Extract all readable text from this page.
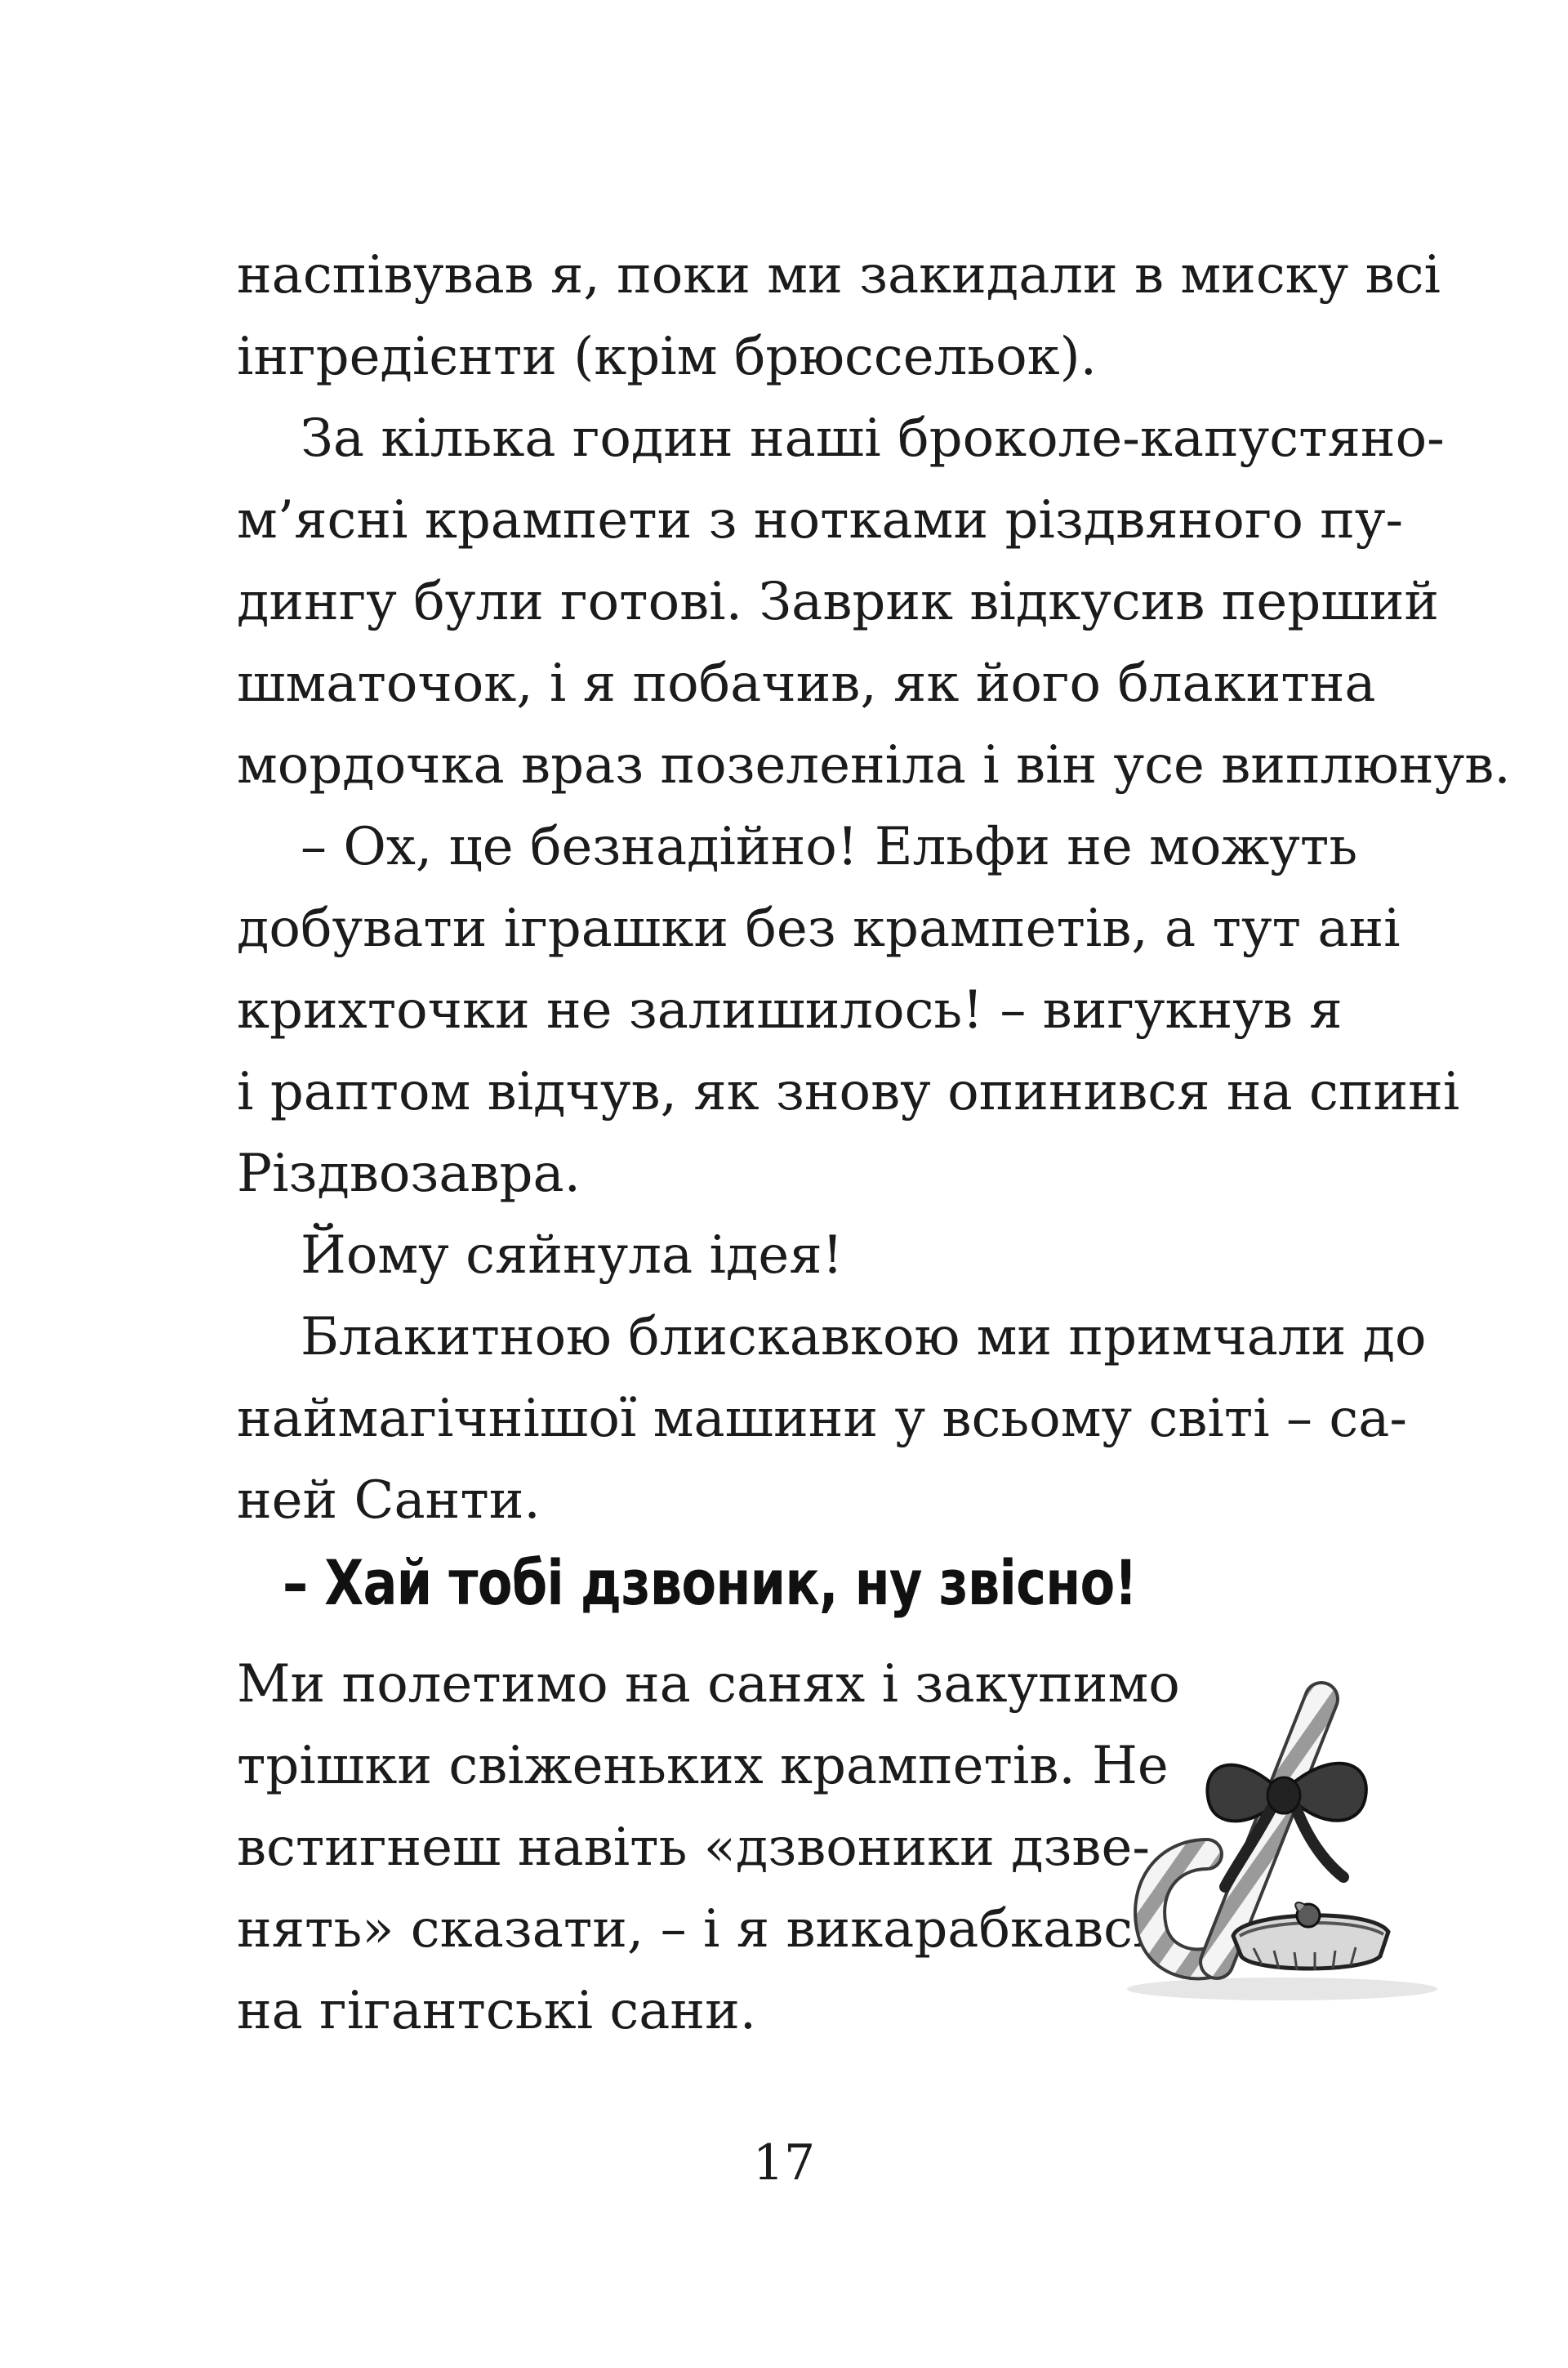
наспівував я, поки ми закидали в миску всі
інгредієнти (крім брюссельок).
За кілька годин наші броколе-капустяно-
м’ясні крампети з нотками різдвяного пу-
дингу були готові. Заврик відкусив перший
шматочок, і я побачив, як його блакитна
мордочка враз позеленіла і він усе виплюнув.
– Ох, це безнадійно! Ельфи не можуть
добувати іграшки без крампетів, а тут ані
крихточки не залишилось! – вигукнув я
і раптом відчув, як знову опинився на спині
Різдвозавра.
Йому сяйнула ідея!
Блакитною блискавкою ми примчали до
наймагічнішої машини у всьому світі – са-
ней Санти.
– Хай тобі дзвоник, ну звісно!
Ми полетимо на санях і закупимо
трішки свіженьких крампетів. Не
встигнеш навіть «дзвоники дзве-
нять» сказати, – і я викарабкався
на гігантські сани.
17
